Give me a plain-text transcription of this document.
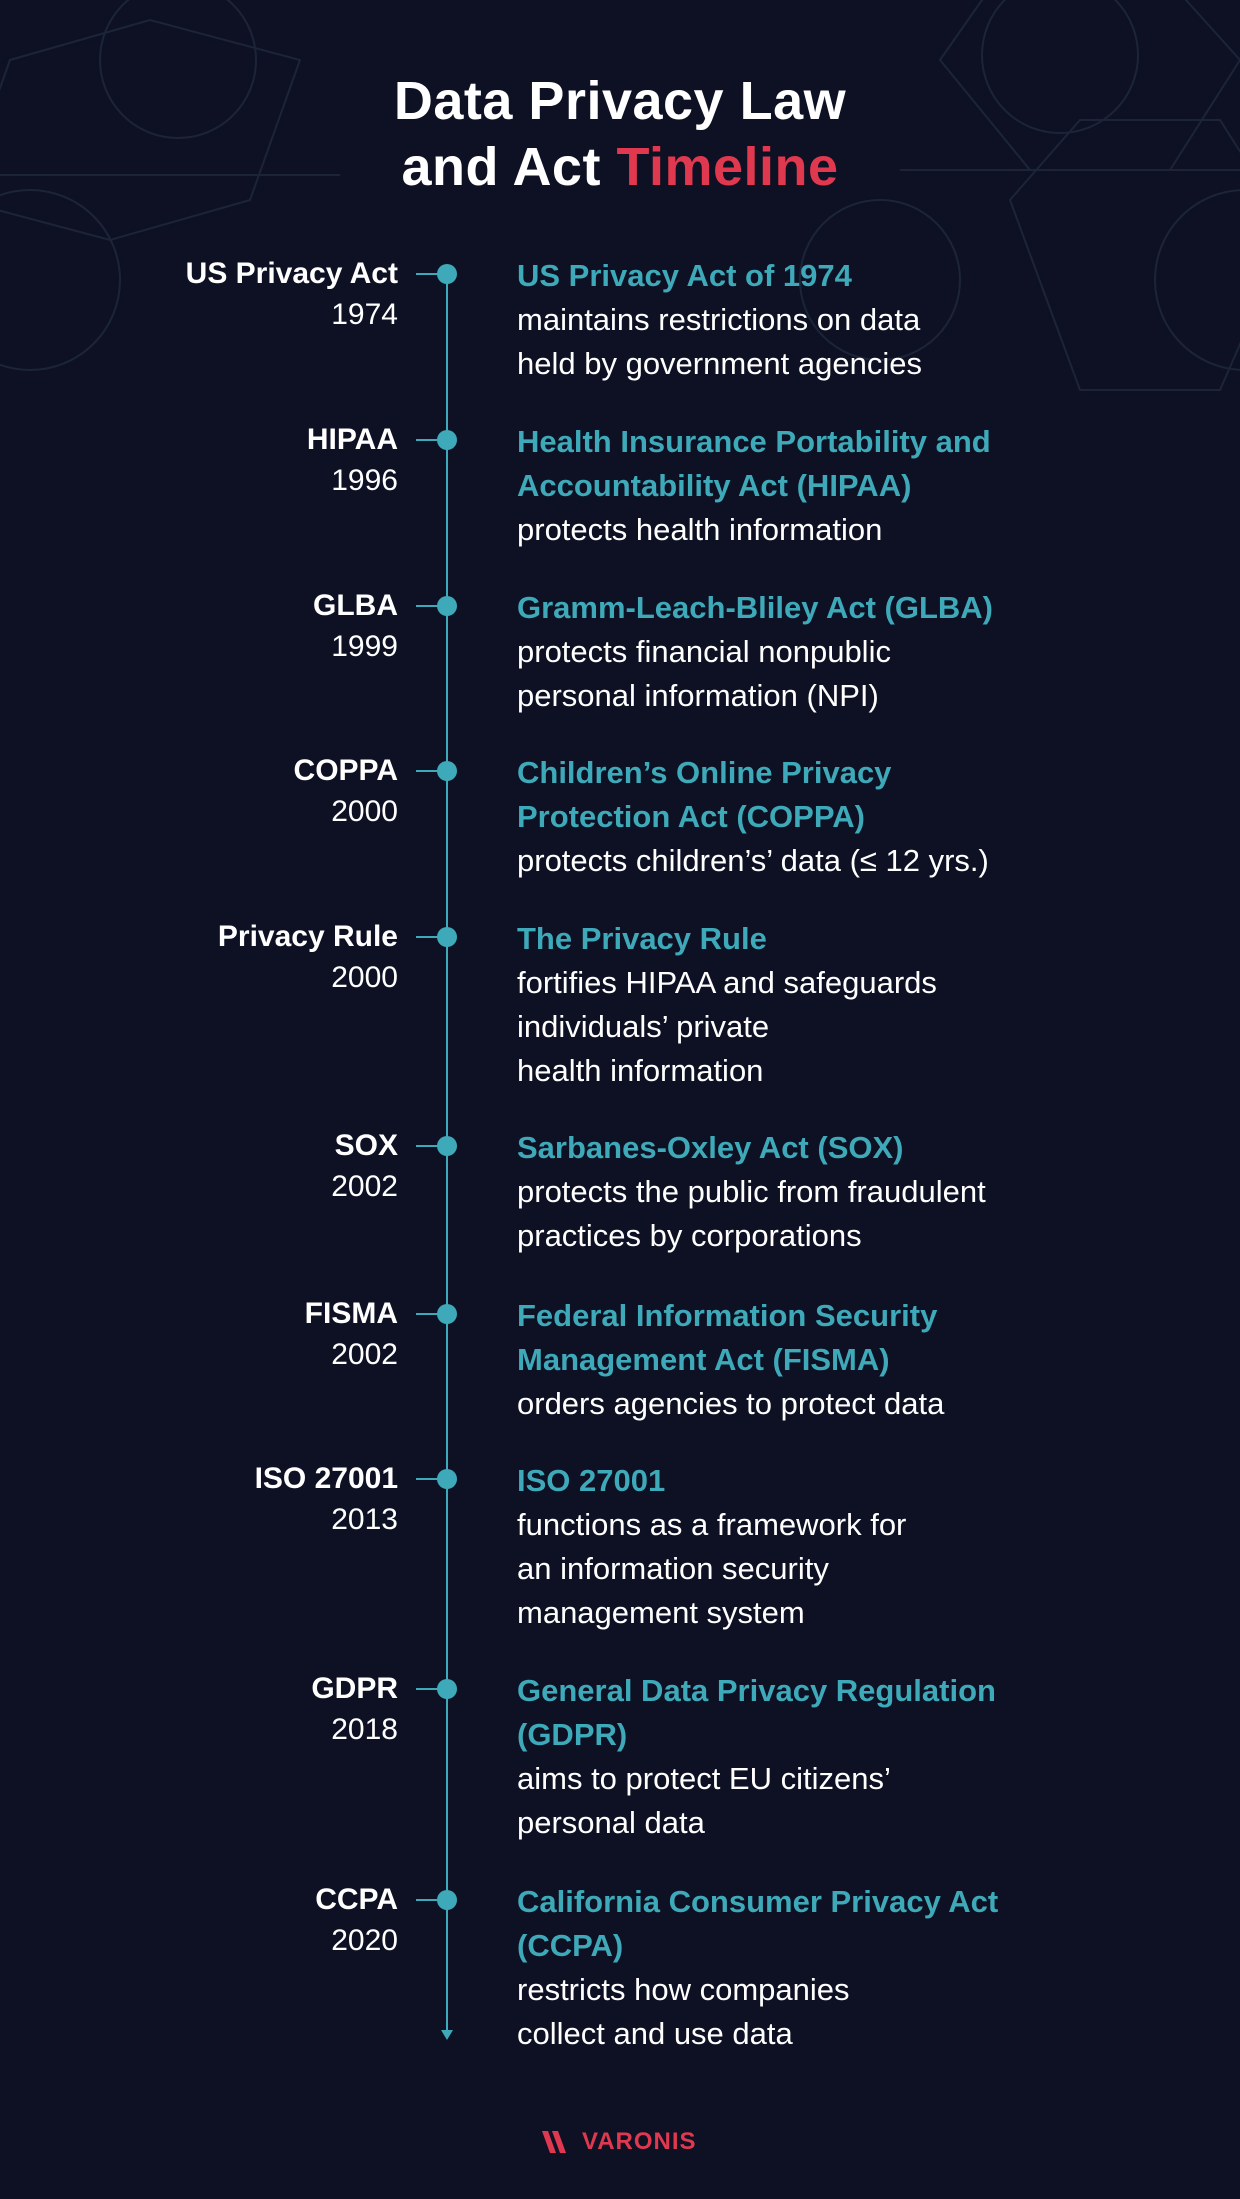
Data Privacy Law
and Act Timeline
US Privacy Act
1974
US Privacy Act of 1974
maintains restrictions on data
held by government agencies
HIPAA
1996
Health Insurance Portability and
Accountability Act (HIPAA)
protects health information
GLBA
1999
Gramm-Leach-Bliley Act (GLBA)
protects financial nonpublic
personal information (NPI)
COPPA
2000
Children’s Online Privacy
Protection Act (COPPA)
protects children’s’ data (≤ 12 yrs.)
Privacy Rule
2000
The Privacy Rule
fortifies HIPAA and safeguards
individuals’ private
health information
SOX
2002
Sarbanes-Oxley Act (SOX)
protects the public from fraudulent
practices by corporations
FISMA
2002
Federal Information Security
Management Act (FISMA)
orders agencies to protect data
ISO 27001
2013
ISO 27001
functions as a framework for
an information security
management system
GDPR
2018
General Data Privacy Regulation
(GDPR)
aims to protect EU citizens’
personal data
CCPA
2020
California Consumer Privacy Act
(CCPA)
restricts how companies
collect and use data
VARONIS
